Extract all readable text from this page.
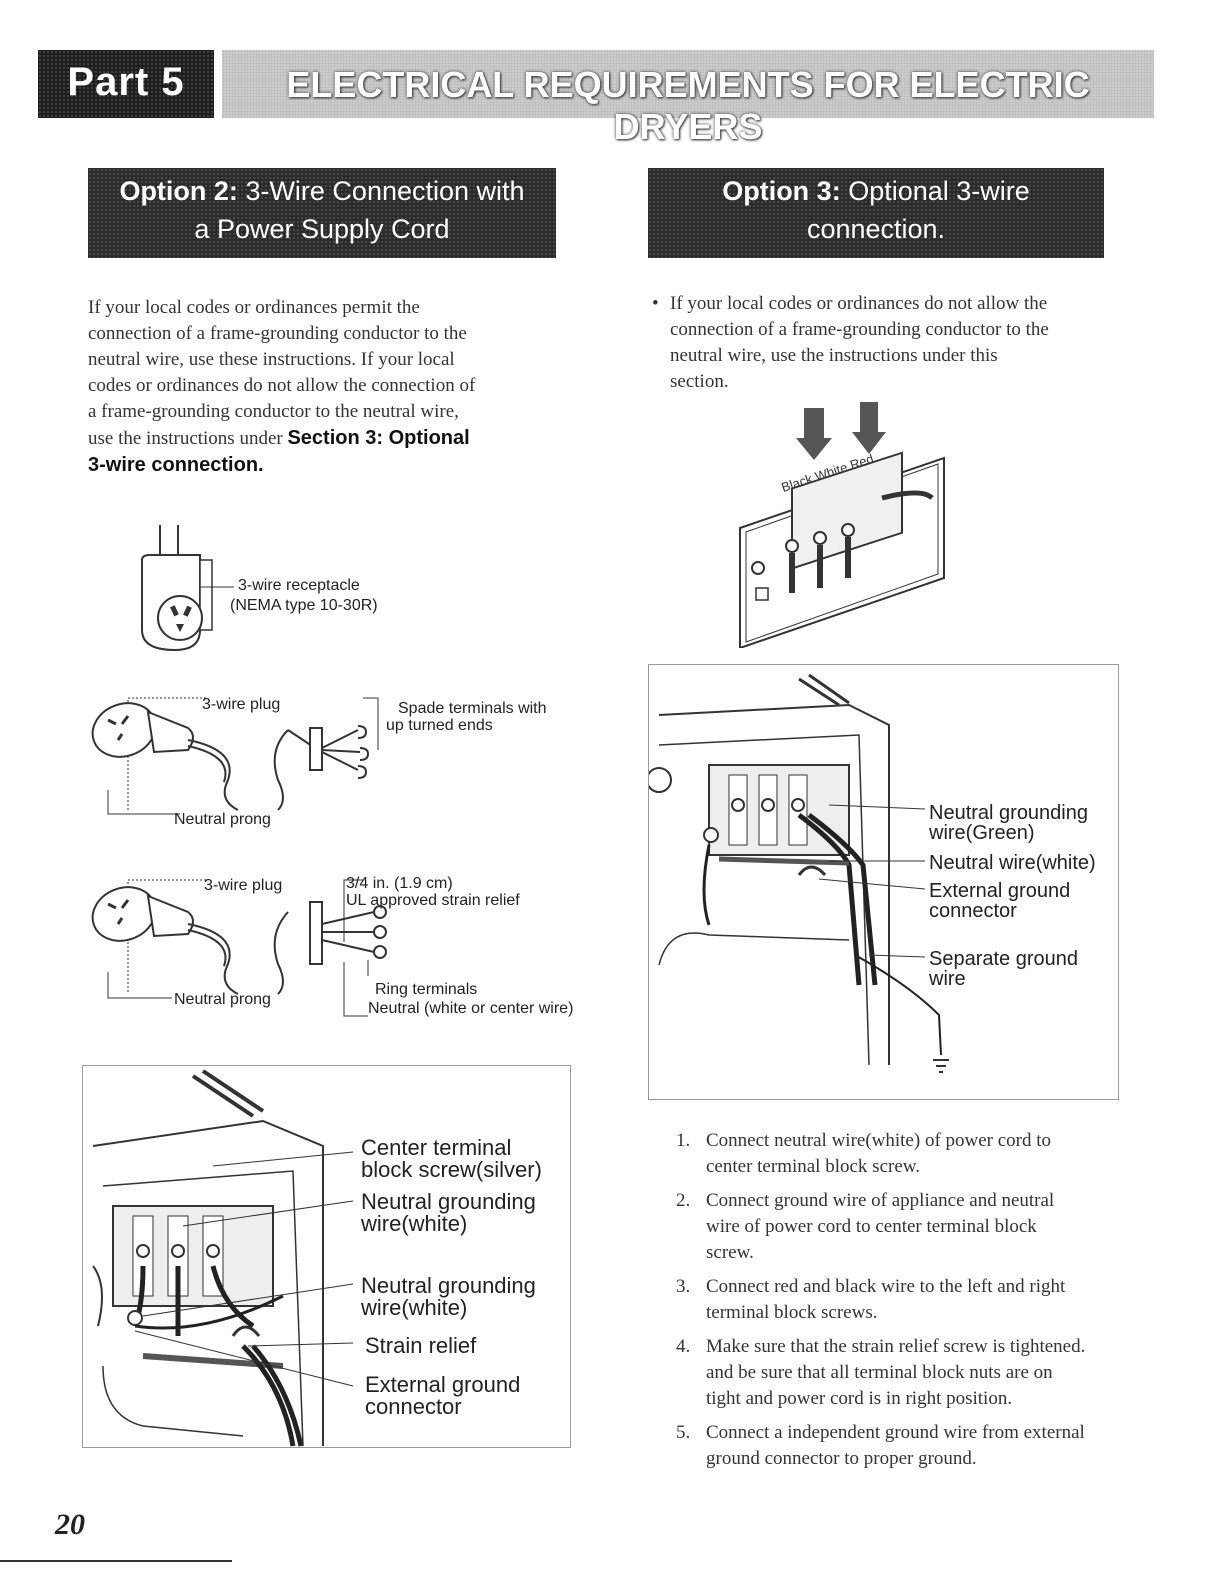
Part 5	ELECTRICAL REQUIREMENTS FOR ELECTRIC DRYERS
Option 2: 3-Wire Connection with
a Power Supply Cord
Option 3: Optional 3-wire
connection.
If your local codes or ordinances permit the
connection of a frame-grounding conductor to the
neutral wire, use these instructions. If your local
codes or ordinances do not allow the connection of
a frame-grounding conductor to the neutral wire,
use the instructions under Section 3: Optional
3-wire connection.
• If your local codes or ordinances do not allow the
connection of a frame-grounding conductor to the
neutral wire, use the instructions under this
section.
3-wire receptacle
(NEMA type 10-30R)
3-wire plug	Spade terminals with
up turned ends
Neutral prong
3-wire plug	3/4 in. (1.9 cm)
UL approved strain relief
Ring terminals
Neutral (white or center wire)
Neutral prong
Center terminal
block screw(silver)
Neutral grounding
wire(white)
Neutral grounding
wire(white)
Strain relief
External ground
connector
Black White Red
Neutral grounding
wire(Green)
Neutral wire(white)
External ground
connector
Separate ground
wire
1. Connect neutral wire(white) of power cord to
center terminal block screw.
2. Connect ground wire of appliance and neutral
wire of power cord to center terminal block
screw.
3. Connect red and black wire to the left and right
terminal block screws.
4. Make sure that the strain relief screw is tightened.
and be sure that all terminal block nuts are on
tight and power cord is in right position.
5. Connect a independent ground wire from external
ground connector to proper ground.
20
